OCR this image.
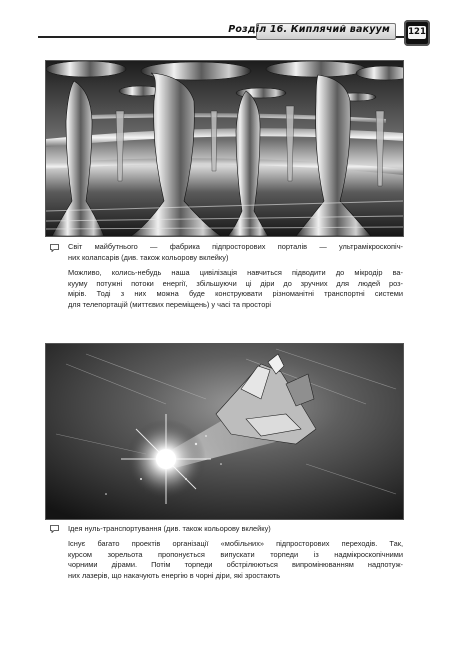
Розділ 16. Киплячий вакуум 121
Світ майбутнього — фабрика підпросторових порталів — ультрамікроскопіч-
них колапсарів (див. також кольорову вклейку)
Можливо, колись-небудь наша цивілізація навчиться підводити до мікродір ва-
кууму потужні потоки енергії, збільшуючи ці діри до зручних для людей роз-
мірів. Тоді з них можна буде конструювати різноманітні транспортні системи
для телепортацій (миттєвих переміщень) у часі та просторі
Ідея нуль-транспортування (див. також кольорову вклейку)
Існує багато проектів організації «мобільних» підпросторових переходів. Так,
курсом зорельота пропонується випускати торпеди із надмікроскопічними
чорними дірами. Потім торпеди обстрілюються випромінюванням надпотуж-
них лазерів, що накачують енергію в чорні діри, які зростають
